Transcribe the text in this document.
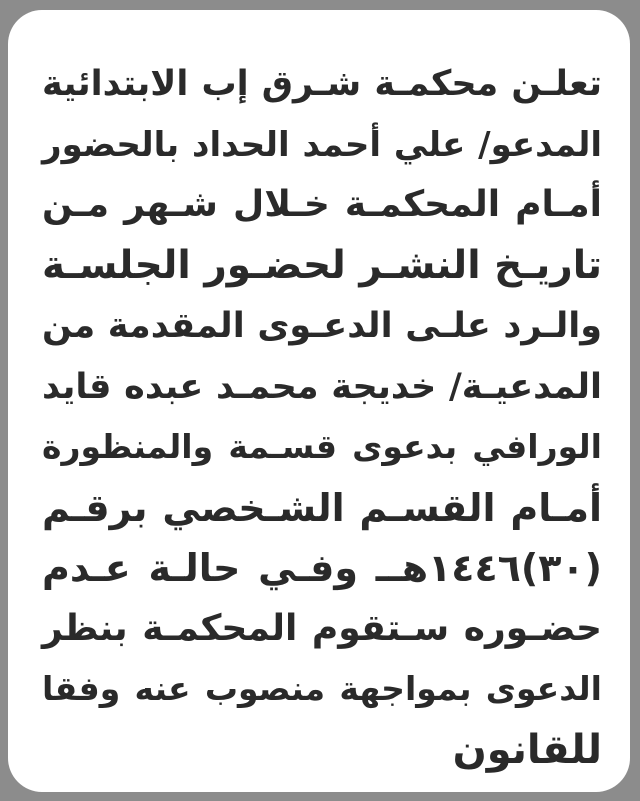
تعلـن محكمـة شـرق إب الابتدائية
المدعو/ علي أحمد الحداد بالحضور
أمـام المحكمـة خـلال شـهر مـن
تاريـخ النشـر لحضـور الجلسـة
والـرد علـى الدعـوى المقدمة من
المدعيـة/ خديجة محمـد عبده قايد
الورافي بدعوى قسـمة والمنظورة
أمـام القسـم الشـخصي برقـم
(٣٠)١٤٤٦هــ وفـي حالـة عـدم
حضـوره سـتقوم المحكمـة بنظر
الدعوى بمواجهة منصوب عنه وفقا
للقانون
